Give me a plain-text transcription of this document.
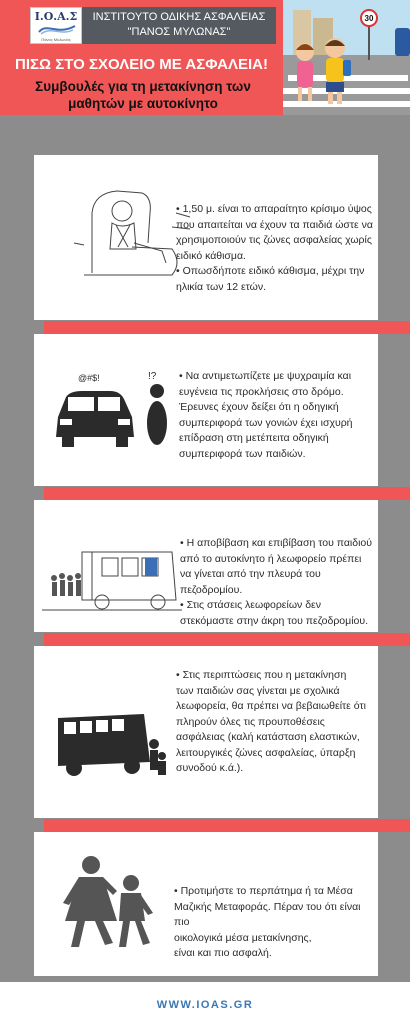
Ι.Ο.Α.Σ
Πάνος Μυλωνάς
ΙΝΣΤΙΤΟΥΤΟ ΟΔΙΚΗΣ ΑΣΦΑΛΕΙΑΣ
"ΠΑΝΟΣ ΜΥΛΩΝΑΣ"
30
ΠΙΣΩ ΣΤΟ ΣΧΟΛΕΙΟ ΜΕ ΑΣΦΑΛΕΙΑ!
Συμβουλές για τη μετακίνηση των μαθητών με αυτοκίνητο
• 1,50 μ. είναι το απαραίτητο κρίσιμο ύψος
που απαιτείται να έχουν τα παιδιά ώστε να
χρησιμοποιούν τις ζώνες ασφαλείας χωρίς
ειδικό κάθισμα.
• Οπωσδήποτε ειδικό κάθισμα, μέχρι την
ηλικία των 12 ετών.
@#$!	!? • Να αντιμετωπίζετε με ψυχραιμία και
ευγένεια τις προκλήσεις στο δρόμο.
Έρευνες έχουν δείξει ότι η οδηγική
συμπεριφορά των γονιών έχει ισχυρή
επίδραση στη μετέπειτα οδηγική
συμπεριφορά των παιδιών.
• Η αποβίβαση και επιβίβαση του παιδιού
από το αυτοκίνητο ή λεωφορείο πρέπει
να γίνεται από την πλευρά του
πεζοδρομίου.
• Στις στάσεις λεωφορείων δεν
στεκόμαστε στην άκρη του πεζοδρομίου.
• Στις περιπτώσεις που η μετακίνηση
των παιδιών σας γίνεται με σχολικά
λεωφορεία, θα πρέπει να βεβαιωθείτε ότι
πληρούν όλες τις προυποθέσεις
ασφάλειας (καλή κατάσταση ελαστικών,
λειτουργικές ζώνες ασφαλείας, ύπαρξη
συνοδού κ.ά.).
• Προτιμήστε το περπάτημα ή τα Μέσα
Μαζικής Μεταφοράς. Πέραν του ότι είναι πιο
οικολογικά μέσα μετακίνησης,
είναι και πιο ασφαλή.
WWW.IOAS.GR
